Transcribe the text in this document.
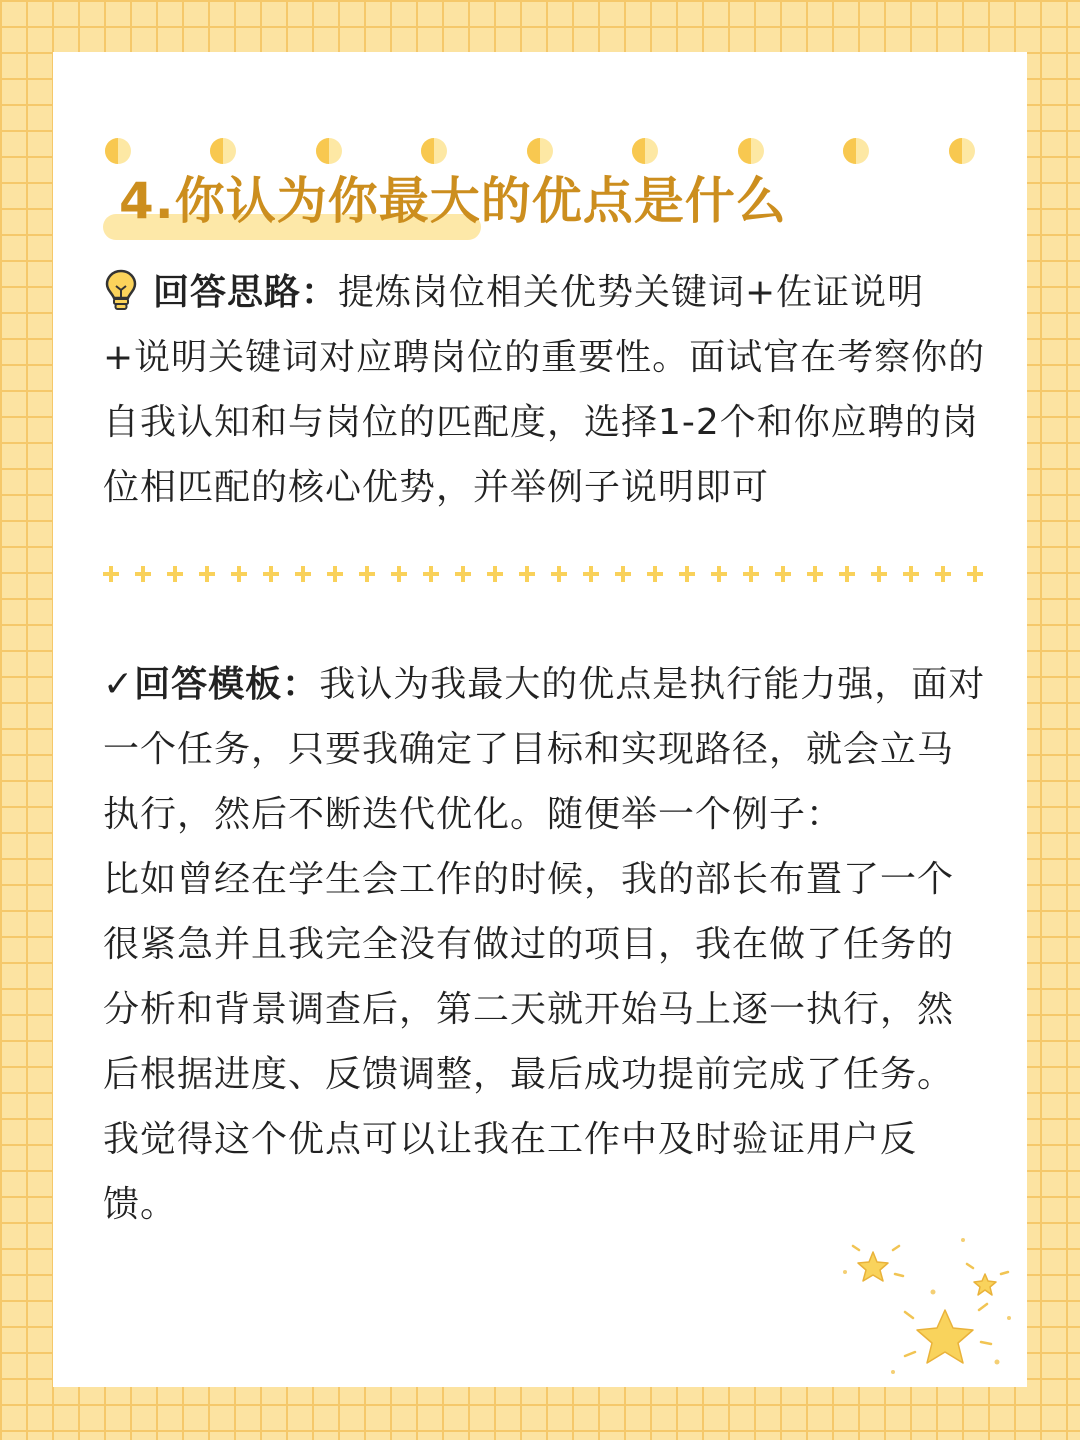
4.你认为你最大的优点是什么

回答思路：提炼岗位相关优势关键词+佐证说明+说明关键词对应聘岗位的重要性。面试官在考察你的自我认知和与岗位的匹配度，选择1-2个和你应聘的岗位相匹配的核心优势，并举例子说明即可

✓回答模板：我认为我最大的优点是执行能力强，面对一个任务，只要我确定了目标和实现路径，就会立马执行，然后不断迭代优化。随便举一个例子：
比如曾经在学生会工作的时候，我的部长布置了一个很紧急并且我完全没有做过的项目，我在做了任务的分析和背景调查后，第二天就开始马上逐一执行，然后根据进度、反馈调整，最后成功提前完成了任务。我觉得这个优点可以让我在工作中及时验证用户反馈。
